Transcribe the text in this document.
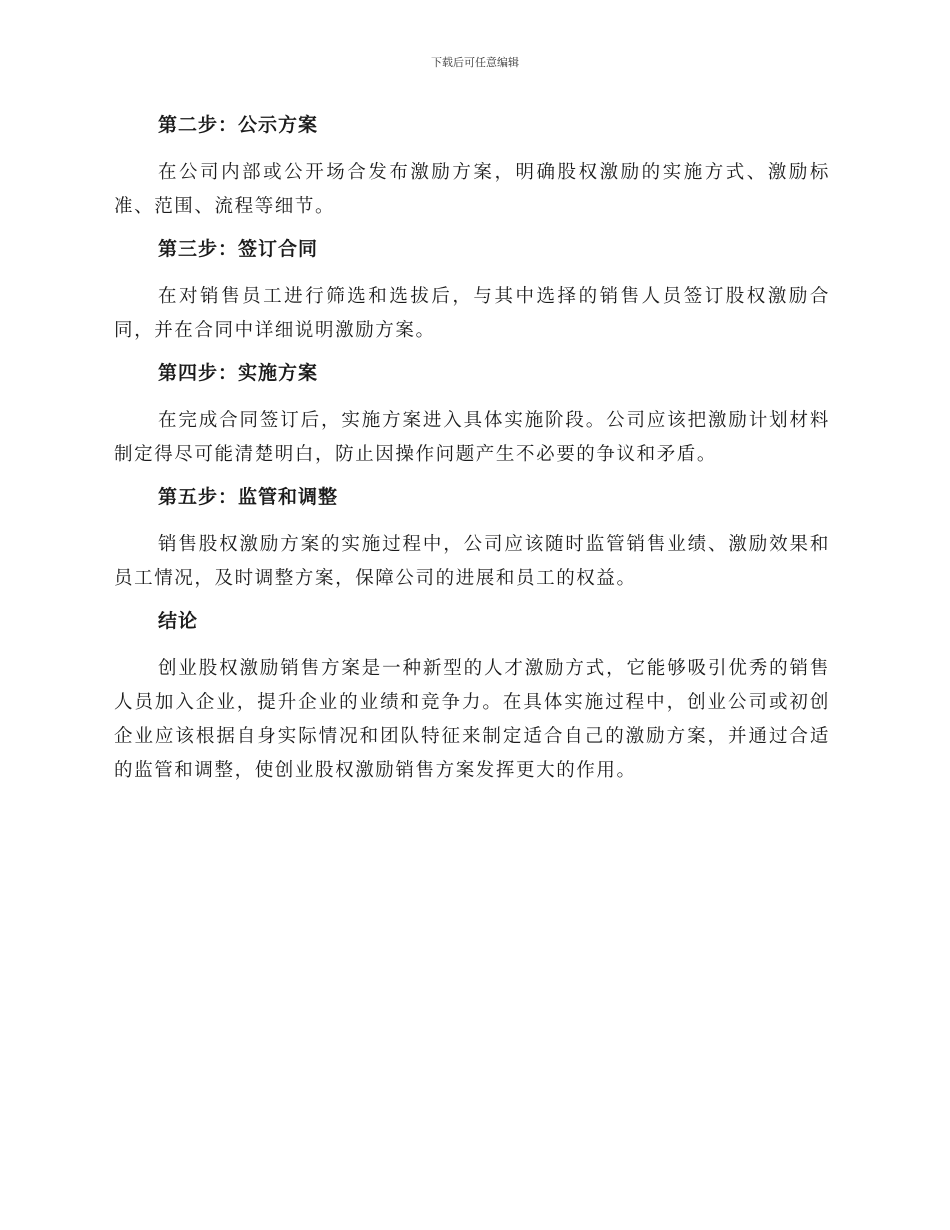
下载后可任意编辑
第二步：公示方案

在公司内部或公开场合发布激励方案，明确股权激励的实施方式、激励标准、范围、流程等细节。

第三步：签订合同

在对销售员工进行筛选和选拔后，与其中选择的销售人员签订股权激励合同，并在合同中详细说明激励方案。

第四步：实施方案

在完成合同签订后，实施方案进入具体实施阶段。公司应该把激励计划材料制定得尽可能清楚明白，防止因操作问题产生不必要的争议和矛盾。

第五步：监管和调整

销售股权激励方案的实施过程中，公司应该随时监管销售业绩、激励效果和员工情况，及时调整方案，保障公司的进展和员工的权益。

结论

创业股权激励销售方案是一种新型的人才激励方式，它能够吸引优秀的销售人员加入企业，提升企业的业绩和竞争力。在具体实施过程中，创业公司或初创企业应该根据自身实际情况和团队特征来制定适合自己的激励方案，并通过合适的监管和调整，使创业股权激励销售方案发挥更大的作用。
